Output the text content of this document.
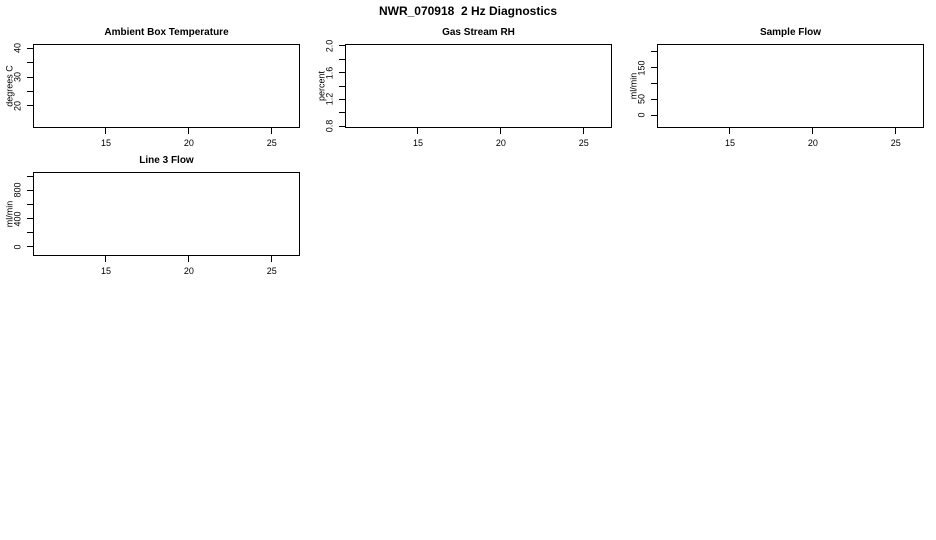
NWR_070918  2 Hz Diagnostics
Ambient Box Temperature
degrees C
20
30
40
15	20	25
Gas Stream RH
percent
0.8
1.2
1.6
2.0
15	20	25
Sample Flow
ml/min
0
50
150
15	20	25
Line 3 Flow
ml/min
0
400
800
15	20	25
